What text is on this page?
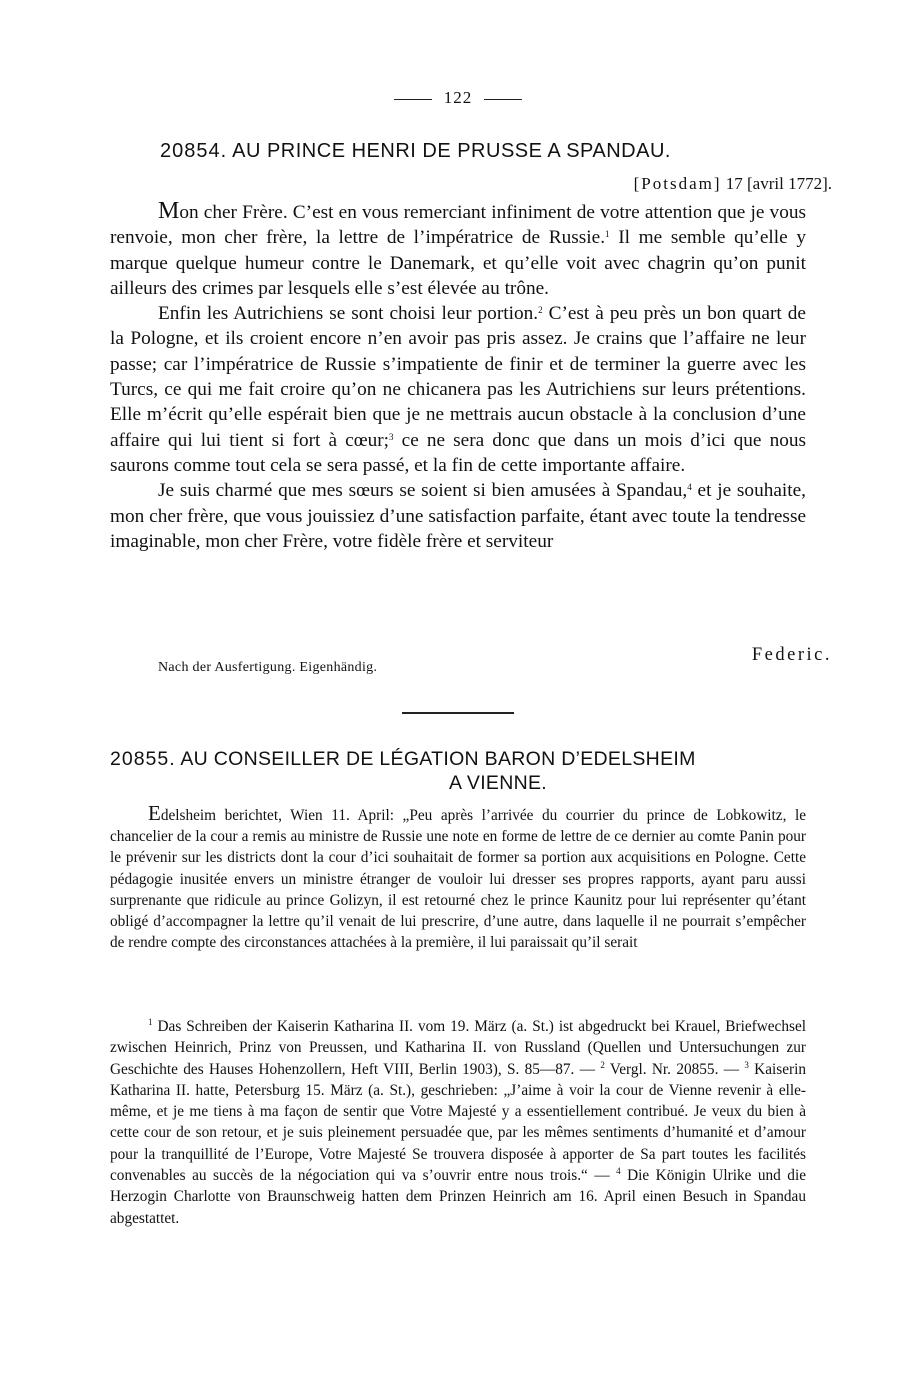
122
20854. AU PRINCE HENRI DE PRUSSE A SPANDAU.
[Potsdam] 17 [avril 1772].

Mon cher Frère. C’est en vous remerciant infiniment de votre attention que je vous renvoie, mon cher frère, la lettre de l’impératrice de Russie.$^1$ Il me semble qu’elle y marque quelque humeur contre le Danemark, et qu’elle voit avec chagrin qu’on punit ailleurs des crimes par lesquels elle s’est élevée au trône.

Enfin les Autrichiens se sont choisi leur portion.$^2$ C’est à peu près un bon quart de la Pologne, et ils croient encore n’en avoir pas pris assez. Je crains que l’affaire ne leur passe; car l’impératrice de Russie s’impatiente de finir et de terminer la guerre avec les Turcs, ce qui me fait croire qu’on ne chicanera pas les Autrichiens sur leurs prétentions. Elle m’écrit qu’elle espérait bien que je ne mettrais aucun obstacle à la conclusion d’une affaire qui lui tient si fort à cœur;$^3$ ce ne sera donc que dans un mois d’ici que nous saurons comme tout cela se sera passé, et la fin de cette importante affaire.

Je suis charmé que mes sœurs se soient si bien amusées à Spandau,$^4$ et je souhaite, mon cher frère, que vous jouissiez d’une satisfaction parfaite, étant avec toute la tendresse imaginable, mon cher Frère, votre fidèle frère et serviteur

Federic.
Nach der Ausfertigung. Eigenhändig.
20855. AU CONSEILLER DE LÉGATION BARON D’EDELSHEIM
A VIENNE.

Edelsheim berichtet, Wien 11. April: „Peu après l’arrivée du courrier du prince de Lobkowitz, le chancelier de la cour a remis au ministre de Russie une note en forme de lettre de ce dernier au comte Panin pour le prévenir sur les districts dont la cour d’ici souhaitait de former sa portion aux acquisitions en Pologne. Cette pédagogie inusitée envers un ministre étranger de vouloir lui dresser ses propres rapports, ayant paru aussi surprenante que ridicule au prince Golizyn, il est retourné chez le prince Kaunitz pour lui représenter qu’étant obligé d’accompagner la lettre qu’il venait de lui prescrire, d’une autre, dans laquelle il ne pourrait s’empêcher de rendre compte des circonstances attachées à la première, il lui paraissait qu’il serait

$^1$ Das Schreiben der Kaiserin Katharina II. vom 19. März (a. St.) ist abgedruckt bei Krauel, Briefwechsel zwischen Heinrich, Prinz von Preussen, und Katharina II. von Russland (Quellen und Untersuchungen zur Geschichte des Hauses Hohenzollern, Heft VIII, Berlin 1903), S. 85—87. — $^2$ Vergl. Nr. 20855. — $^3$ Kaiserin Katharina II. hatte, Petersburg 15. März (a. St.), geschrieben: „J’aime à voir la cour de Vienne revenir à elle-même, et je me tiens à ma façon de sentir que Votre Majesté y a essentiellement contribué. Je veux du bien à cette cour de son retour, et je suis pleinement persuadée que, par les mêmes sentiments d’humanité et d’amour pour la tranquillité de l’Europe, Votre Majesté Se trouvera disposée à apporter de Sa part toutes les facilités convenables au succès de la négociation qui va s’ouvrir entre nous trois.“ — $^4$ Die Königin Ulrike und die Herzogin Charlotte von Braunschweig hatten dem Prinzen Heinrich am 16. April einen Besuch in Spandau abgestattet.
